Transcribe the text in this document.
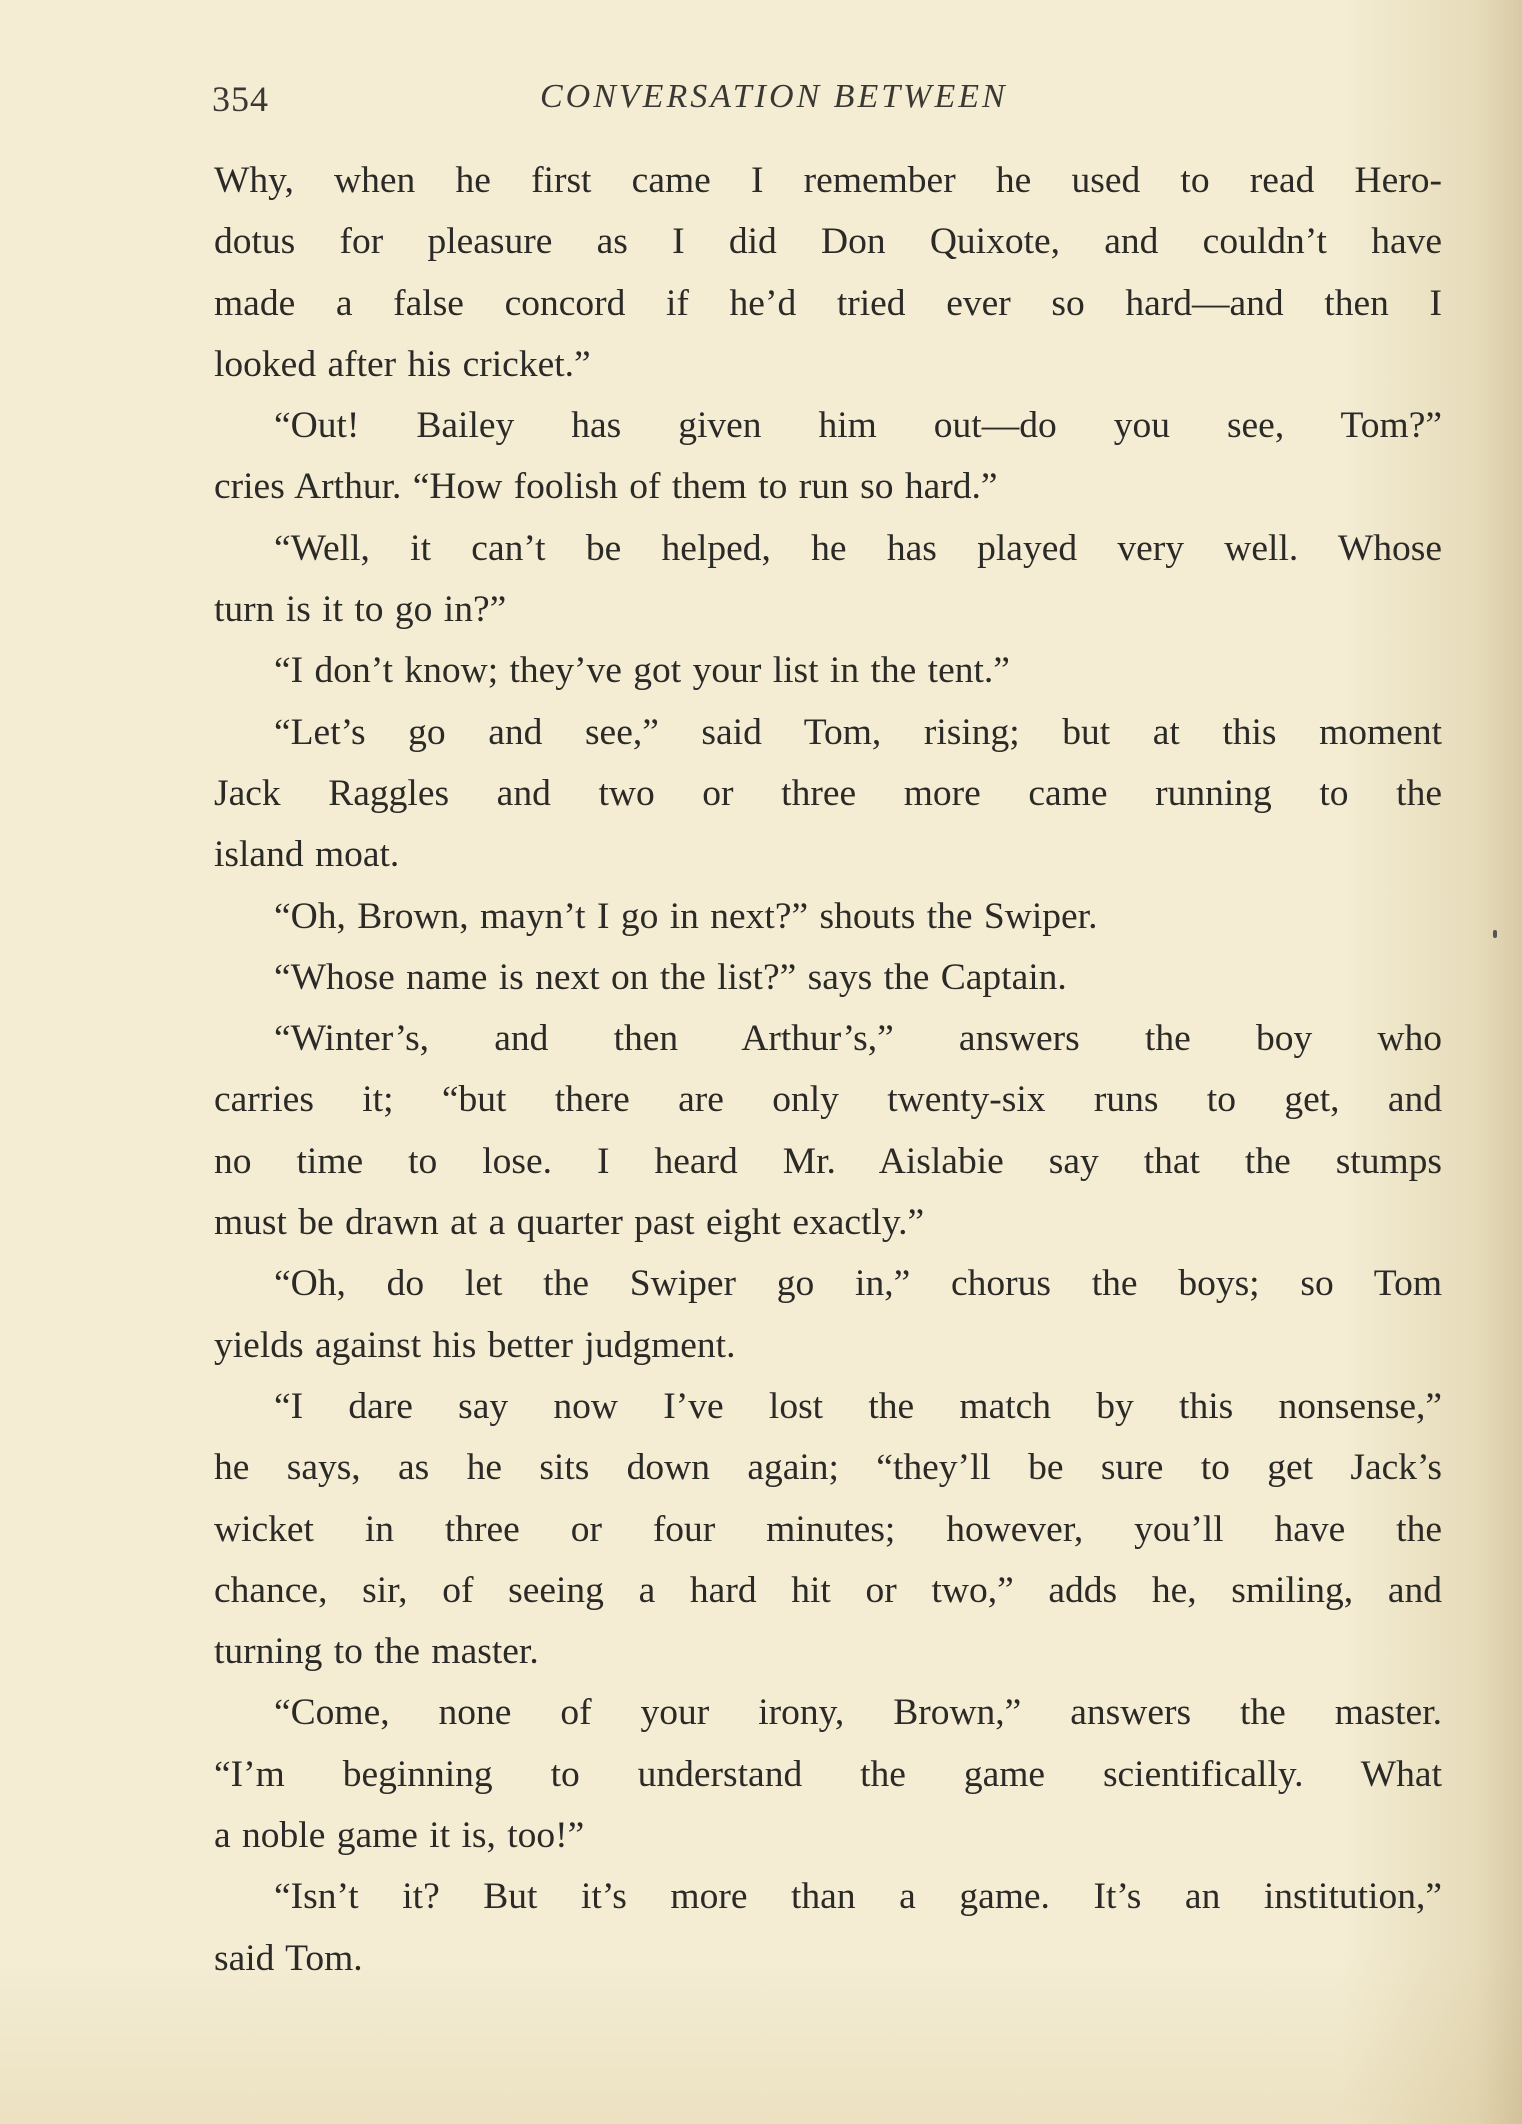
354	CONVERSATION BETWEEN
Why, when he first came I remember he used to read Hero-
dotus for pleasure as I did Don Quixote, and couldn’t have
made a false concord if he’d tried ever so hard—and then I
looked after his cricket.”
“Out! Bailey has given him out—do you see, Tom?”
cries Arthur. “How foolish of them to run so hard.”
“Well, it can’t be helped, he has played very well. Whose
turn is it to go in?”
“I don’t know; they’ve got your list in the tent.”
“Let’s go and see,” said Tom, rising; but at this moment
Jack Raggles and two or three more came running to the
island moat.
“Oh, Brown, mayn’t I go in next?” shouts the Swiper.
“Whose name is next on the list?” says the Captain.
“Winter’s, and then Arthur’s,” answers the boy who
carries it; “but there are only twenty-six runs to get, and
no time to lose. I heard Mr. Aislabie say that the stumps
must be drawn at a quarter past eight exactly.”
“Oh, do let the Swiper go in,” chorus the boys; so Tom
yields against his better judgment.
“I dare say now I’ve lost the match by this nonsense,”
he says, as he sits down again; “they’ll be sure to get Jack’s
wicket in three or four minutes; however, you’ll have the
chance, sir, of seeing a hard hit or two,” adds he, smiling, and
turning to the master.
“Come, none of your irony, Brown,” answers the master.
“I’m beginning to understand the game scientifically. What
a noble game it is, too!”
“Isn’t it? But it’s more than a game. It’s an institution,”
said Tom.
